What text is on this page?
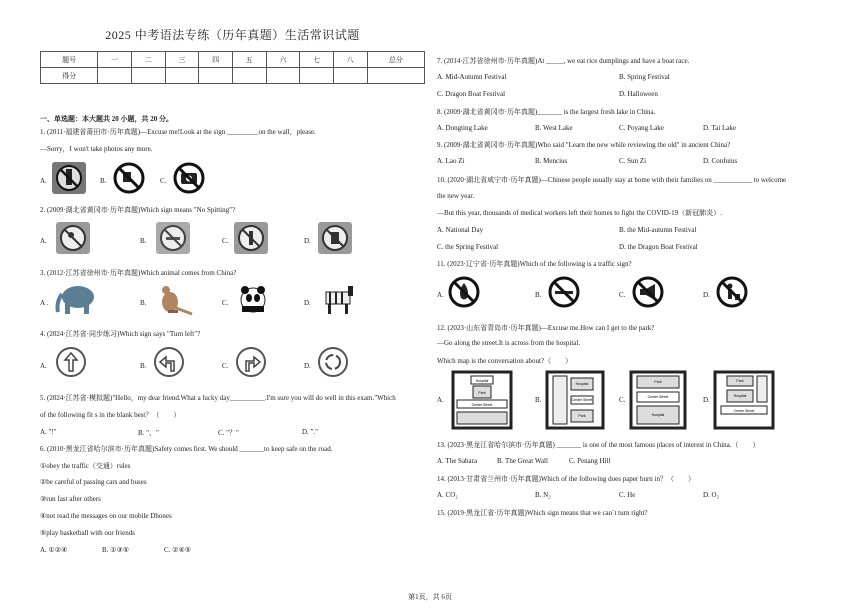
2025 中考语法专练（历年真题）生活常识试题
题号	一	二	三	四	五	六	七	八	总分
得分									
一、单选题：本大题共 20 小题，共 20 分。
1. (2011·福建省莆田市·历年真题)—Excuse me!Look at the sign _________on the wall，please.
—Sorry，I won't take photos any more.
A.	B.	C.
2. (2009·湖北省黄冈市·历年真题)Which sign means "No Spitting"?
A.	B.	C.	D.
3. (2012·江苏省徐州市·历年真题)Which animal comes from China?
A .	B.	C.	D.
4. (2024·江苏省·同步练习)Which sign says "Turn left"?
A.	B.	C.	D.
5. (2024·江苏省·模拟题)"Hello，my dear friend.What a lucky day__________.I'm sure you will do well in this exam."Which
of the following fit s in the blank best？（　　）
A. "!"	B. "、"	C. "？"	D. "."
6. (2010·黑龙江省哈尔滨市·历年真题)Safety comes first. We should _______to keep safe on the road.
①obey the traffic（交通）rules
②be careful of passing cars and buses
③run fast after others
④not read the messages on our mobile Dhones
⑤play basketball with our friends
A. ①②④	B. ①③⑤	C. ②④⑤
7. (2014·江苏省徐州市·历年真题)At _____, we eat rice dumplings and have a boat race.
A. Mid-Autumn Festival	B. Spring Festival
C. Dragon Boat Festival	D. Halloween
8. (2009·湖北省黄冈市·历年真题)_______ is the largest fresh lake in China.
A. Dongting Lake	B. West Lake	C. Poyang Lake	D. Tai Lake
9. (2009·湖北省黄冈市·历年真题)Who said "Learn the new while reviewing the old" in ancient China?
A. Lao Zi	B. Mencius	C. Sun Zi	D. Confuius
10. (2020·湖北省咸宁市·历年真题)—Chinese people usually stay at home with their families on ___________ to welcome
the new year.
—But this year, thousands of medical workers left their homes to fight the COVID-19（新冠肺炎）.
A. National Day	B. the Mid-autumn Festival
C. the Spring Festival	D. the Dragon Boat Festival
11. (2023·辽宁省·历年真题)Which of the following is a traffic sign?
A.	B.	C.	D.
12. (2023·山东省青岛市·历年真题)—Excuse me.How can I get to the park?
—Go along the street.It is across from the hospital.
Which map is the conversation about?（　　）
A.	B.	C.	D.
Hospital
Park
Center Street
Hospital
Center Street
Park
Park
Center Street
Hospital
Park
Hospital
Center Street
13. (2023·黑龙江省哈尔滨市·历年真题) _______ is one of the most famous places of interest in China.（　　）
A. The Sahara	B. The Great Wall	C. Penang Hill
14. (2013·甘肃省兰州市·历年真题)Which of the following does paper burn in？（　　）
A. CO₂	B. N₂	C. He	D. O₂
15. (2019·黑龙江省·历年真题)Which sign means that we can`t turn right?
第1页，共 6页
